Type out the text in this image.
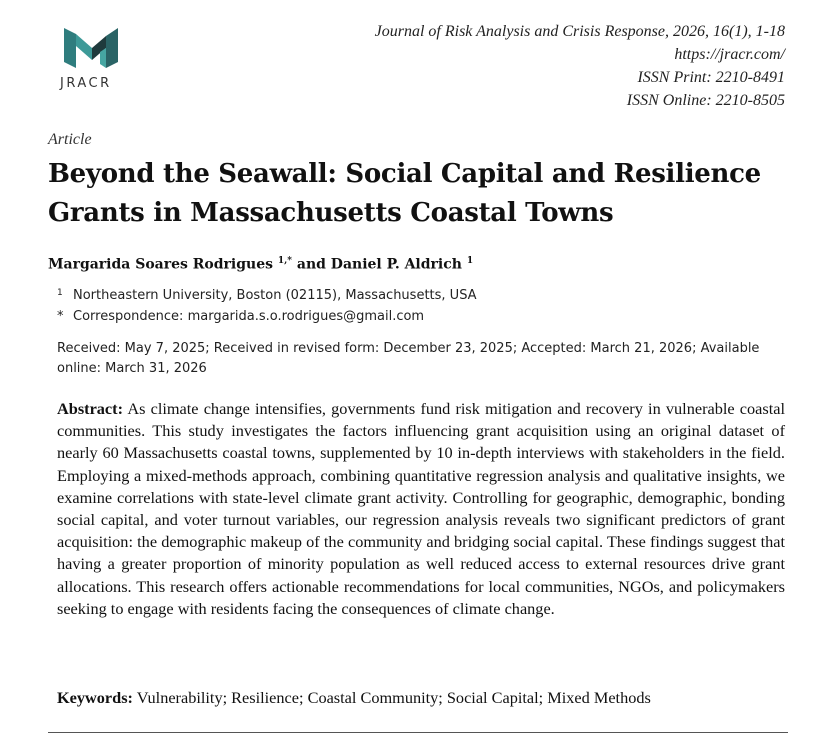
JRACR
Journal of Risk Analysis and Crisis Response, 2026, 16(1), 1-18
https://jracr.com/
ISSN Print: 2210-8491
ISSN Online: 2210-8505
Article
Beyond the Seawall: Social Capital and Resilience Grants in Massachusetts Coastal Towns
Margarida Soares Rodrigues $^{1,*}$ and Daniel P. Aldrich $^1$
1 Northeastern University, Boston (02115), Massachusetts, USA
* Correspondence: margarida.s.o.rodrigues@gmail.com
Received: May 7, 2025; Received in revised form: December 23, 2025; Accepted: March 21, 2026; Available online: March 31, 2026

Abstract: As climate change intensifies, governments fund risk mitigation and recovery in vulnerable coastal communities. This study investigates the factors influencing grant acquisition using an original dataset of nearly 60 Massachusetts coastal towns, supplemented by 10 in-depth interviews with stakeholders in the field. Employing a mixed-methods approach, combining quantitative regression analysis and qualitative insights, we examine correlations with state-level climate grant activity. Controlling for geographic, demographic, bonding social capital, and voter turnout variables, our regression analysis reveals two significant predictors of grant acquisition: the demographic makeup of the community and bridging social capital. These findings suggest that having a greater proportion of minority population as well reduced access to external resources drive grant allocations. This research offers actionable recommendations for local communities, NGOs, and policymakers seeking to engage with residents facing the consequences of climate change.

Keywords: Vulnerability; Resilience; Coastal Community; Social Capital; Mixed Methods
